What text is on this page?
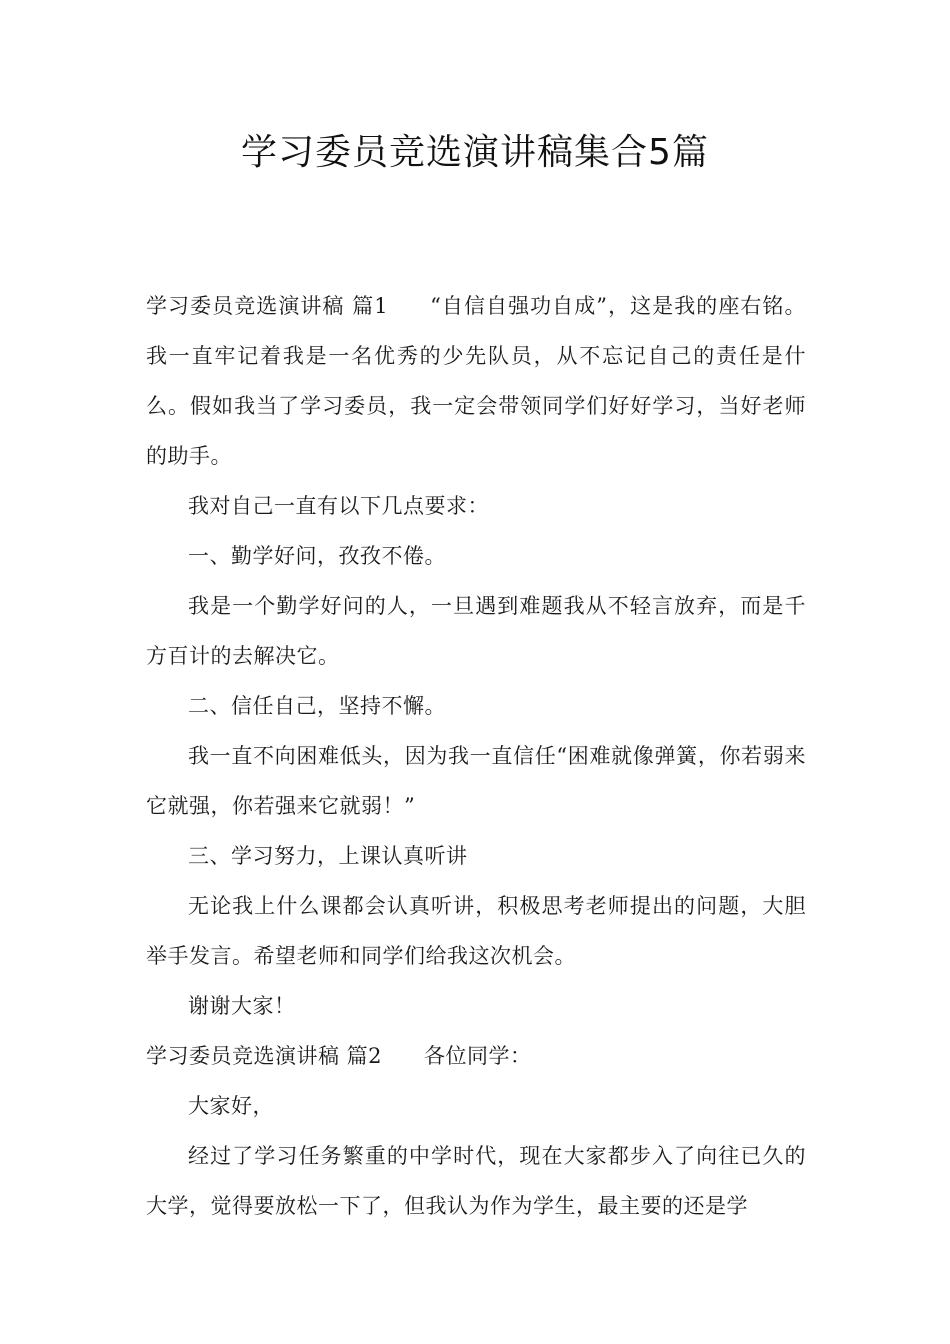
学习委员竞选演讲稿集合5篇

学习委员竞选演讲稿 篇1 “自信自强功自成”，这是我的座右铭。我一直牢记着我是一名优秀的少先队员，从不忘记自己的责任是什么。假如我当了学习委员，我一定会带领同学们好好学习，当好老师的助手。

我对自己一直有以下几点要求：

一、勤学好问，孜孜不倦。

我是一个勤学好问的人，一旦遇到难题我从不轻言放弃，而是千方百计的去解决它。

二、信任自己，坚持不懈。

我一直不向困难低头，因为我一直信任“困难就像弹簧，你若弱来它就强，你若强来它就弱！”

三、学习努力，上课认真听讲

无论我上什么课都会认真听讲，积极思考老师提出的问题，大胆举手发言。希望老师和同学们给我这次机会。

谢谢大家！

学习委员竞选演讲稿 篇2 各位同学：

大家好，

经过了学习任务繁重的中学时代，现在大家都步入了向往已久的大学，觉得要放松一下了，但我认为作为学生，最主要的还是学
